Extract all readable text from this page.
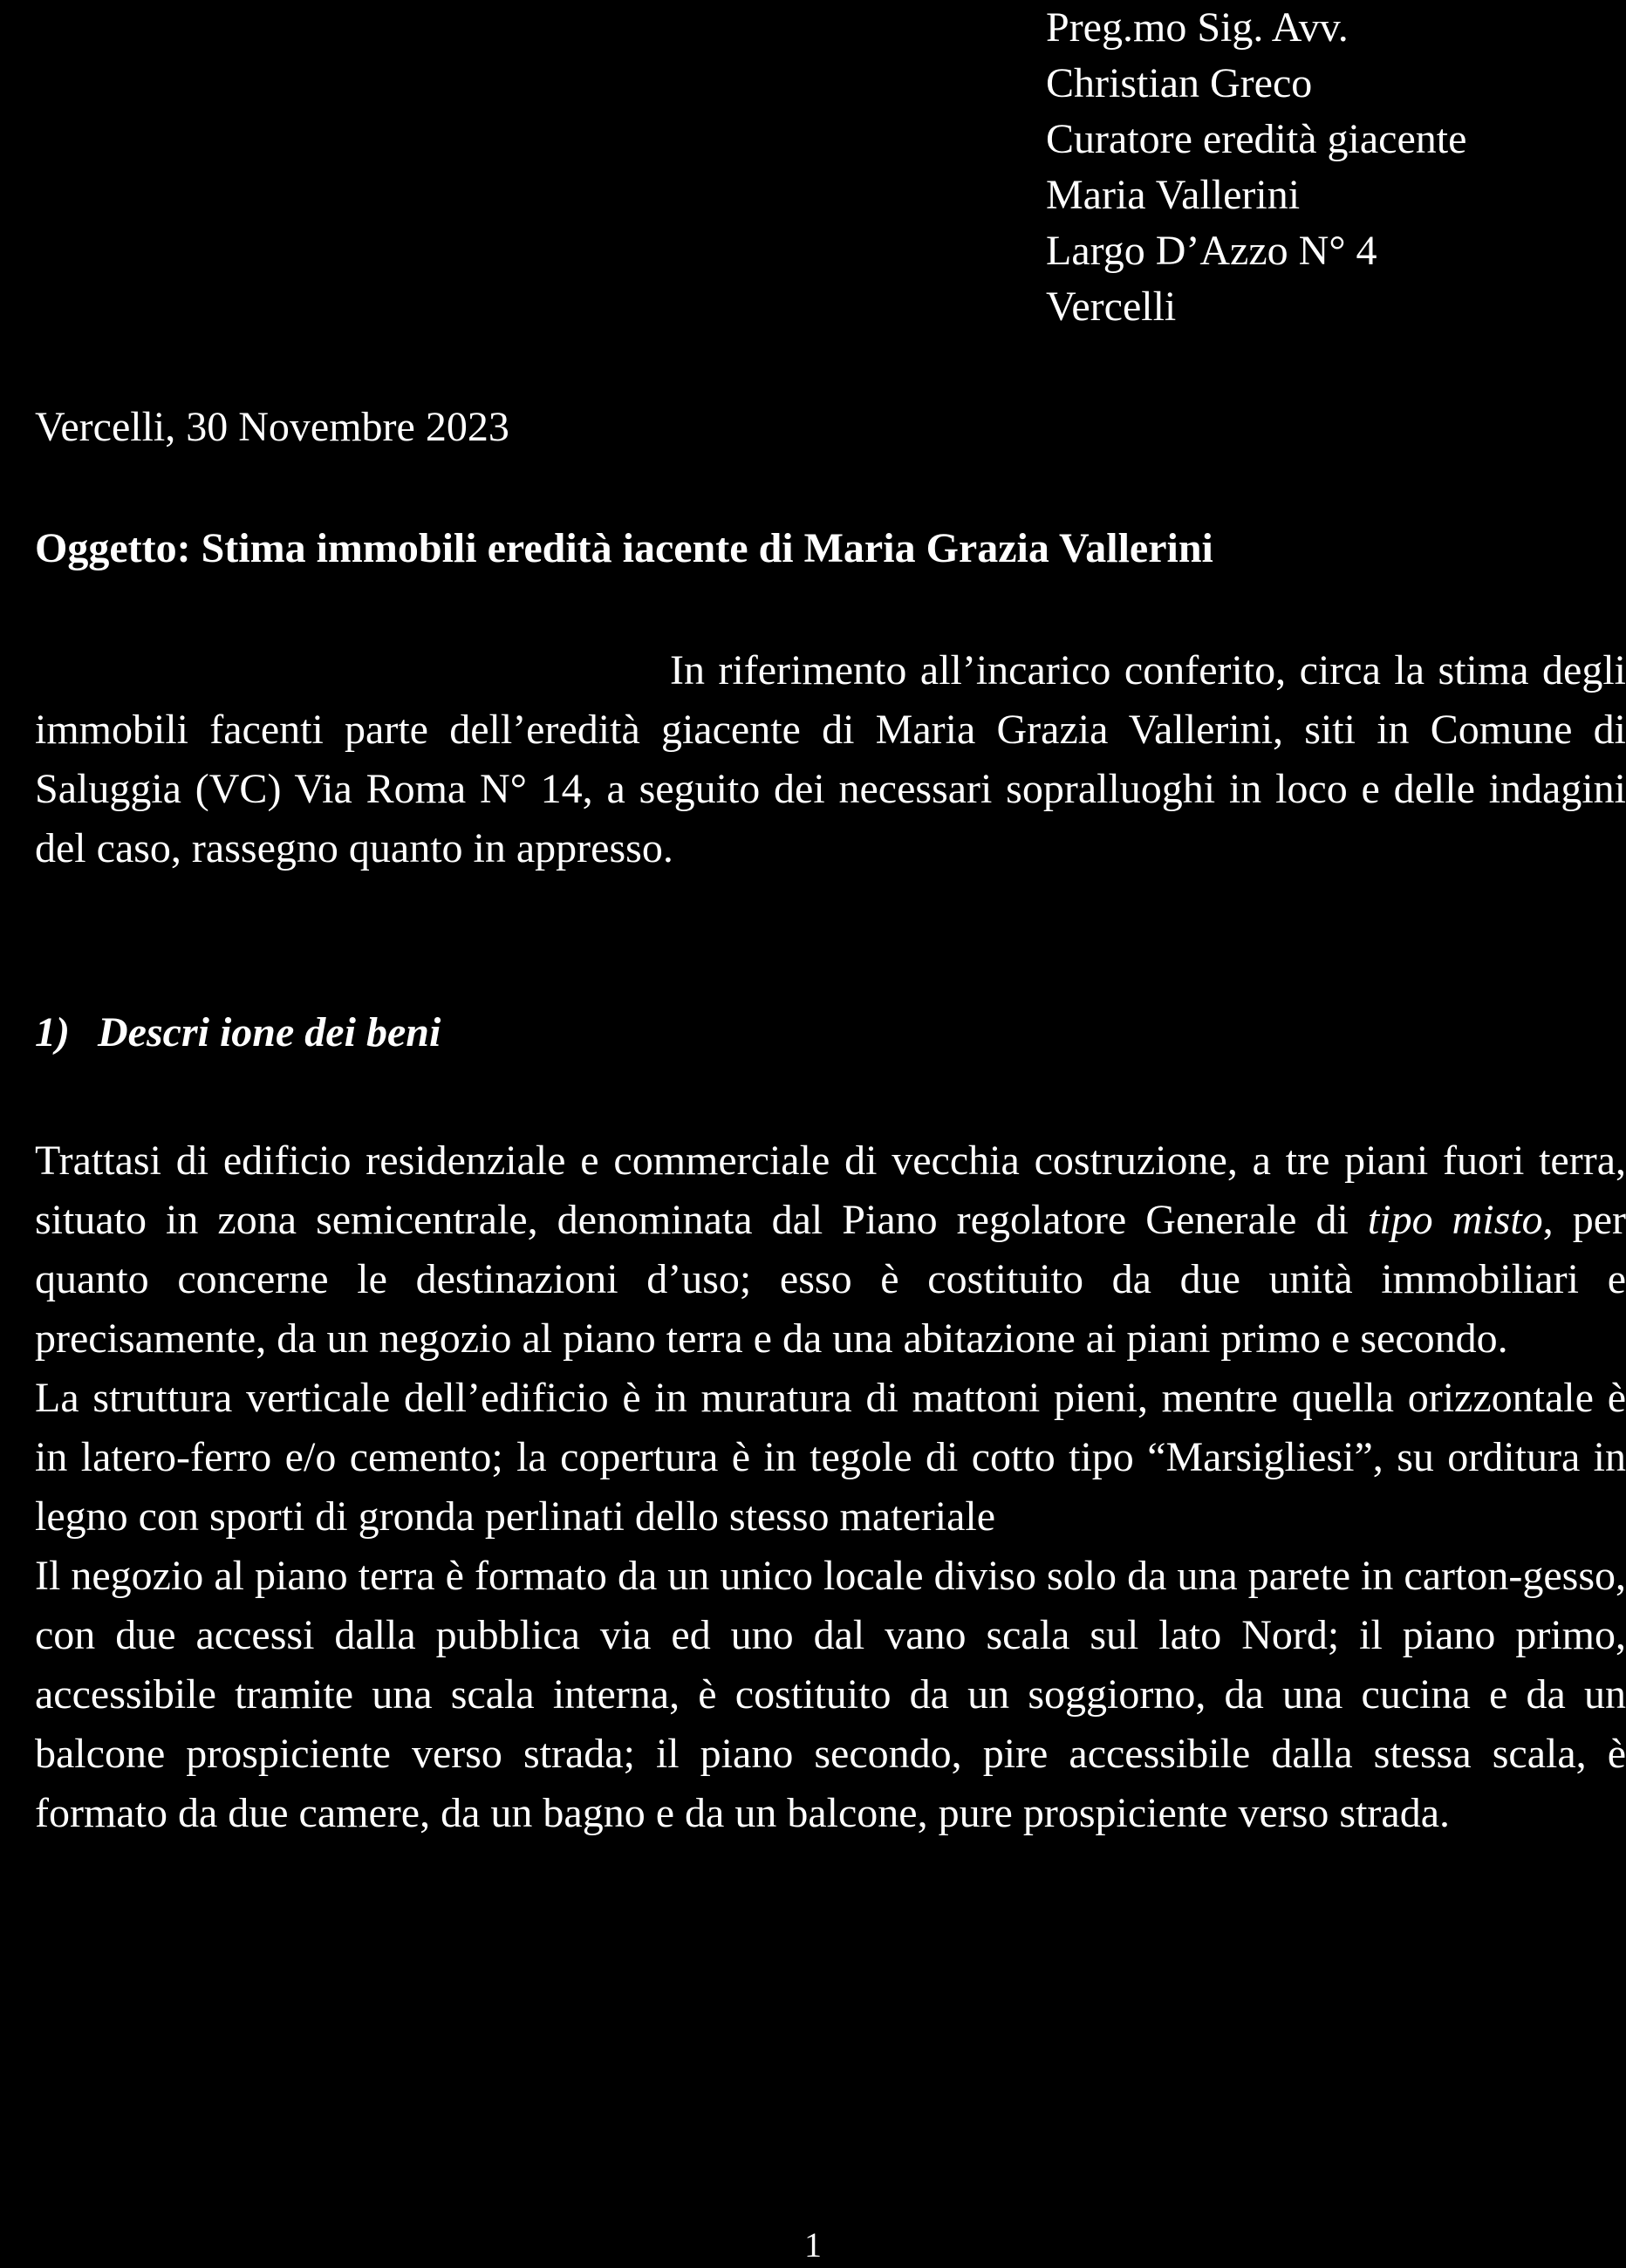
Preg.mo Sig. Avv.
Christian Greco
Curatore eredità giacente
Maria Vallerini
Largo D’Azzo N° 4
Vercelli
Vercelli, 30 Novembre 2023
Oggetto: Stima immobili eredità iacente di Maria Grazia Vallerini
In riferimento all’incarico conferito, circa la stima degli immobili facenti parte dell’eredità giacente di Maria Grazia Vallerini, siti in Comune di Saluggia (VC) Via Roma N° 14, a seguito dei necessari sopralluoghi in loco e delle indagini del caso, rassegno quanto in appresso.
1) Descri ione dei beni

Trattasi di edificio residenziale e commerciale di vecchia costruzione, a tre piani fuori terra, situato in zona semicentrale, denominata dal Piano regolatore Generale di tipo misto, per quanto concerne le destinazioni d’uso; esso è costituito da due unità immobiliari e precisamente, da un negozio al piano terra e da una abitazione ai piani primo e secondo.

La struttura verticale dell’edificio è in muratura di mattoni pieni, mentre quella orizzontale è in latero-ferro e/o cemento; la copertura è in tegole di cotto tipo “Marsigliesi”, su orditura in legno con sporti di gronda perlinati dello stesso materiale

Il negozio al piano terra è formato da un unico locale diviso solo da una parete in carton-gesso, con due accessi dalla pubblica via ed uno dal vano scala sul lato Nord; il piano primo, accessibile tramite una scala interna, è costituito da un soggiorno, da una cucina e da un balcone prospiciente verso strada; il piano secondo, pire accessibile dalla stessa scala, è formato da due camere, da un bagno e da un balcone, pure prospiciente verso strada.

1
